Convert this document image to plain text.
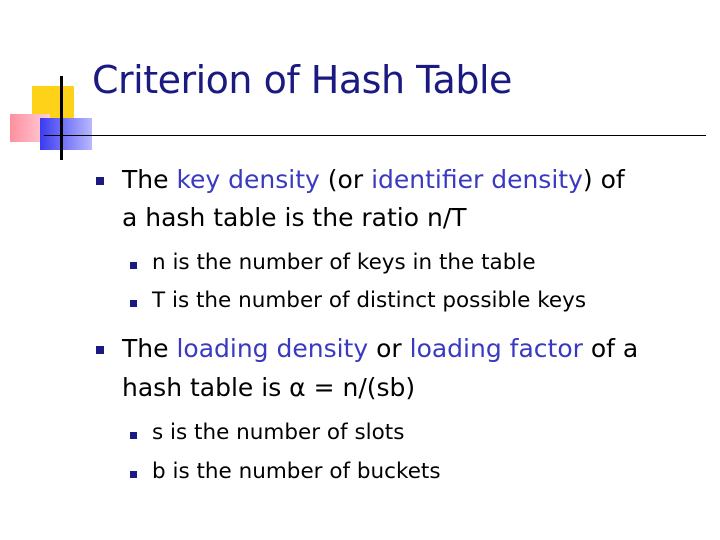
Criterion of Hash Table
The key density (or identifier density) of
a hash table is the ratio n/T
n is the number of keys in the table
T is the number of distinct possible keys
The loading density or loading factor of a
hash table is α = n/(sb)
s is the number of slots
b is the number of buckets
